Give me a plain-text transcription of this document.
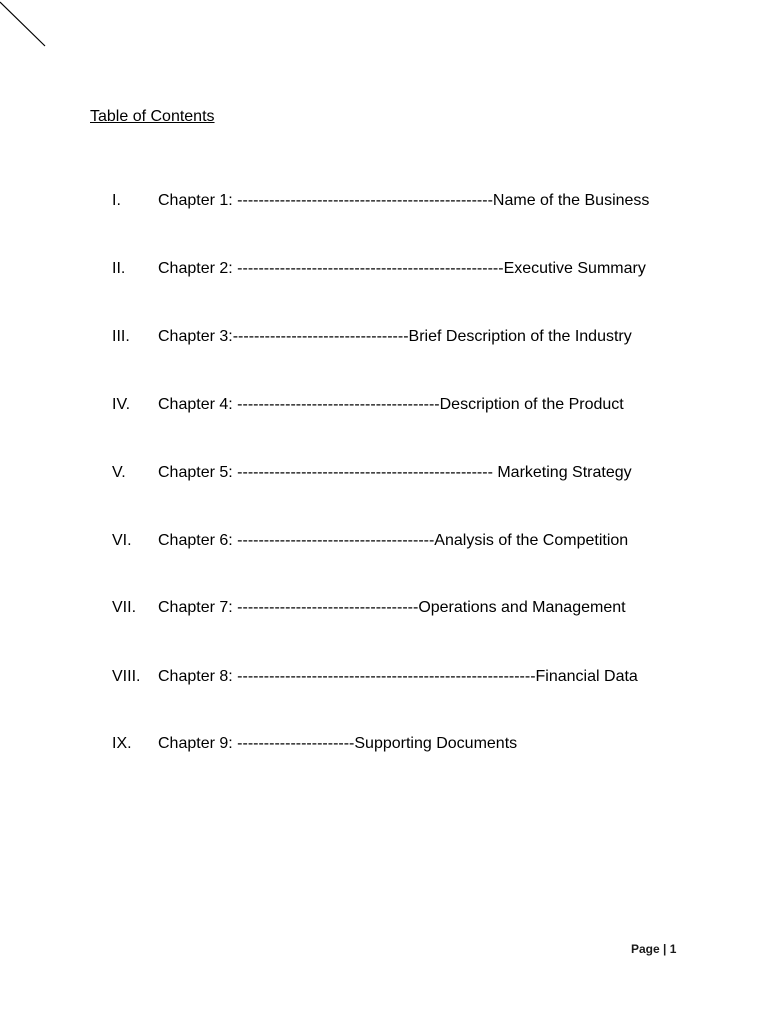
Table of Contents
I. Chapter 1: ------------------------------------------------Name of the Business
II. Chapter 2: --------------------------------------------------Executive Summary
III. Chapter 3:---------------------------------Brief Description of the Industry
IV. Chapter 4: --------------------------------------Description of the Product
V. Chapter 5: ------------------------------------------------ Marketing Strategy
VI. Chapter 6: -------------------------------------Analysis of the Competition
VII. Chapter 7: ----------------------------------Operations and Management
VIII. Chapter 8: --------------------------------------------------------Financial Data
IX. Chapter 9: ----------------------Supporting Documents
Page | 1
